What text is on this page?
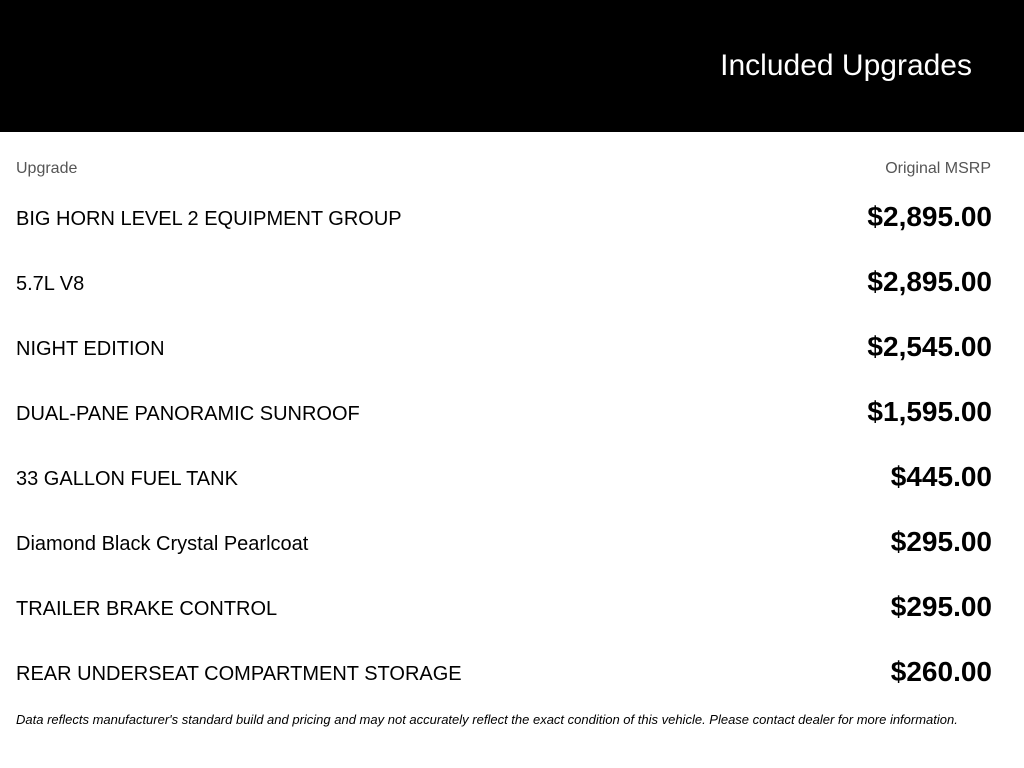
Included Upgrades
Upgrade	Original MSRP
BIG HORN LEVEL 2 EQUIPMENT GROUP	$2,895.00
5.7L V8	$2,895.00
NIGHT EDITION	$2,545.00
DUAL-PANE PANORAMIC SUNROOF	$1,595.00
33 GALLON FUEL TANK	$445.00
Diamond Black Crystal Pearlcoat	$295.00
TRAILER BRAKE CONTROL	$295.00
REAR UNDERSEAT COMPARTMENT STORAGE	$260.00

Data reflects manufacturer's standard build and pricing and may not accurately reflect the exact condition of this vehicle. Please contact dealer for more information.
